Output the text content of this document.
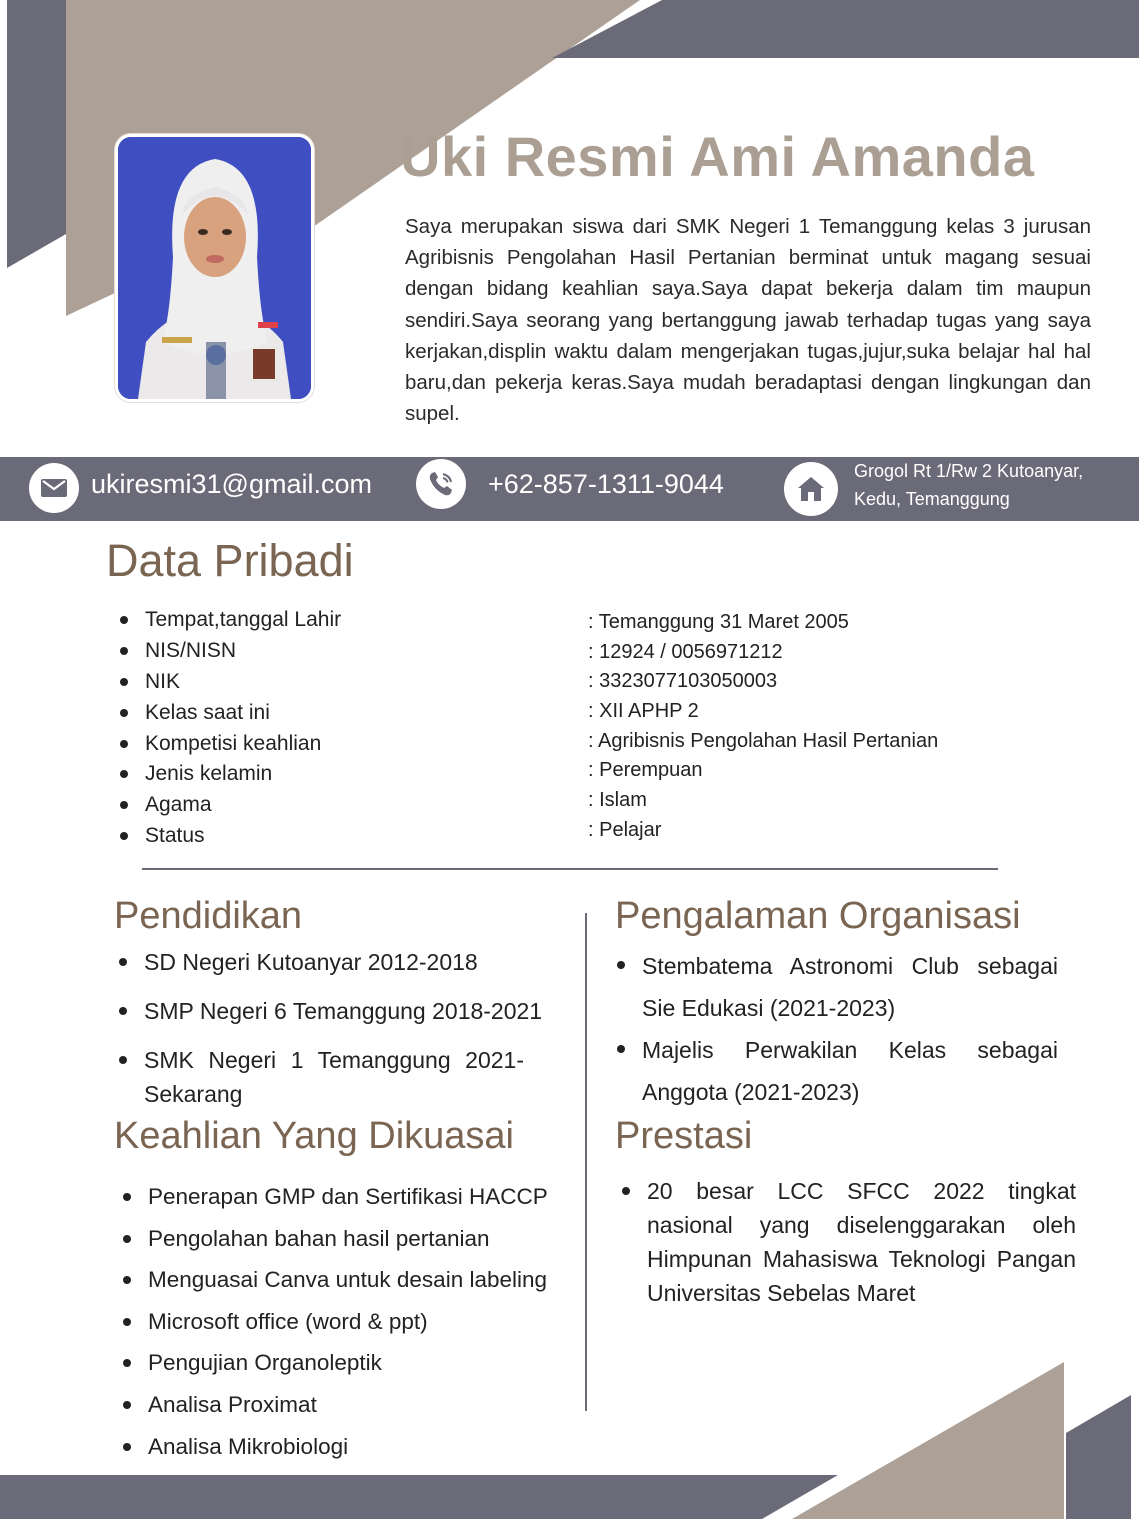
Uki Resmi Ami Amanda
Saya merupakan siswa dari SMK Negeri 1 Temanggung kelas 3 jurusan Agribisnis Pengolahan Hasil Pertanian berminat untuk magang sesuai dengan bidang keahlian saya.Saya dapat bekerja dalam tim maupun sendiri.Saya seorang yang bertanggung jawab terhadap tugas yang saya kerjakan,displin waktu dalam mengerjakan tugas,jujur,suka belajar hal hal baru,dan pekerja keras.Saya mudah beradaptasi dengan lingkungan dan supel.
ukiresmi31@gmail.com	+62-857-1311-9044	Grogol Rt 1/Rw 2 Kutoanyar,
Kedu, Temanggung
Data Pribadi
Tempat,tanggal Lahir
NIS/NISN
NIK
Kelas saat ini
Kompetisi keahlian
Jenis kelamin
Agama
Status
: Temanggung 31 Maret 2005
: 12924 / 0056971212
: 3323077103050003
: XII APHP 2
: Agribisnis Pengolahan Hasil Pertanian
: Perempuan
: Islam
: Pelajar
Pendidikan
SD Negeri Kutoanyar 2012-2018
SMP Negeri 6 Temanggung 2018-2021
SMK Negeri 1 Temanggung 2021-Sekarang
Pengalaman Organisasi
Stembatema Astronomi Club sebagai Sie Edukasi (2021-2023)
Majelis Perwakilan Kelas sebagai Anggota (2021-2023)
Keahlian Yang Dikuasai
Penerapan GMP dan Sertifikasi HACCP
Pengolahan bahan hasil pertanian
Menguasai Canva untuk desain labeling
Microsoft office (word & ppt)
Pengujian Organoleptik
Analisa Proximat
Analisa Mikrobiologi
Prestasi
20 besar LCC SFCC 2022 tingkat nasional yang diselenggarakan oleh Himpunan Mahasiswa Teknologi Pangan Universitas Sebelas Maret
